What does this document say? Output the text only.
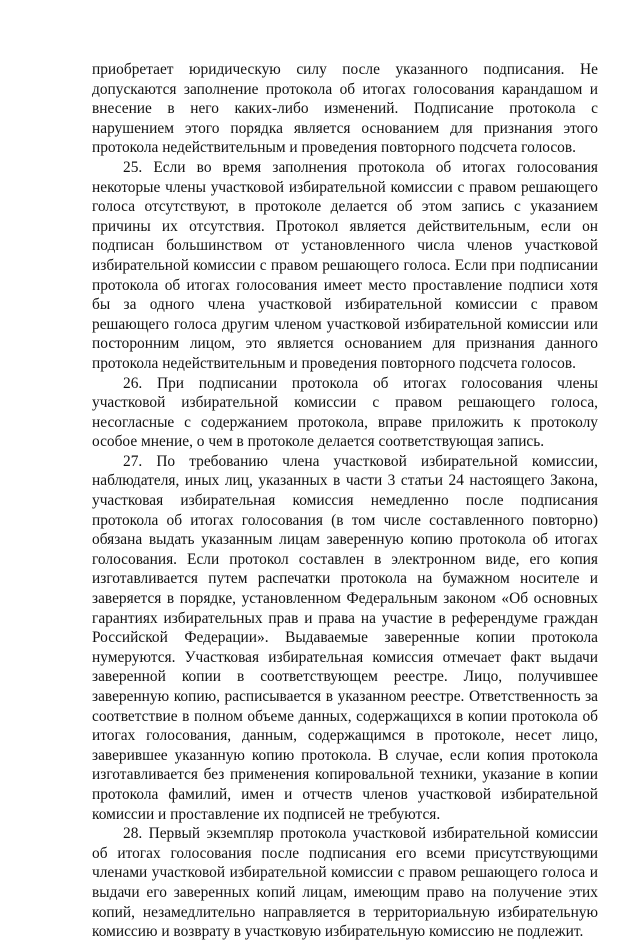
приобретает юридическую силу после указанного подписания. Не допускаются заполнение протокола об итогах голосования карандашом и внесение в него каких-либо изменений. Подписание протокола с нарушением этого порядка является основанием для признания этого протокола недействительным и проведения повторного подсчета голосов.

25. Если во время заполнения протокола об итогах голосования некоторые члены участковой избирательной комиссии с правом решающего голоса отсутствуют, в протоколе делается об этом запись с указанием причины их отсутствия. Протокол является действительным, если он подписан большинством от установленного числа членов участковой избирательной комиссии с правом решающего голоса. Если при подписании протокола об итогах голосования имеет место проставление подписи хотя бы за одного члена участковой избирательной комиссии с правом решающего голоса другим членом участковой избирательной комиссии или посторонним лицом, это является основанием для признания данного протокола недействительным и проведения повторного подсчета голосов.

26. При подписании протокола об итогах голосования члены участковой избирательной комиссии с правом решающего голоса, несогласные с содержанием протокола, вправе приложить к протоколу особое мнение, о чем в протоколе делается соответствующая запись.

27. По требованию члена участковой избирательной комиссии, наблюдателя, иных лиц, указанных в части 3 статьи 24 настоящего Закона, участковая избирательная комиссия немедленно после подписания протокола об итогах голосования (в том числе составленного повторно) обязана выдать указанным лицам заверенную копию протокола об итогах голосования. Если протокол составлен в электронном виде, его копия изготавливается путем распечатки протокола на бумажном носителе и заверяется в порядке, установленном Федеральным законом «Об основных гарантиях избирательных прав и права на участие в референдуме граждан Российской Федерации». Выдаваемые заверенные копии протокола нумеруются. Участковая избирательная комиссия отмечает факт выдачи заверенной копии в соответствующем реестре. Лицо, получившее заверенную копию, расписывается в указанном реестре. Ответственность за соответствие в полном объеме данных, содержащихся в копии протокола об итогах голосования, данным, содержащимся в протоколе, несет лицо, заверившее указанную копию протокола. В случае, если копия протокола изготавливается без применения копировальной техники, указание в копии протокола фамилий, имен и отчеств членов участковой избирательной комиссии и проставление их подписей не требуются.

28. Первый экземпляр протокола участковой избирательной комиссии об итогах голосования после подписания его всеми присутствующими членами участковой избирательной комиссии с правом решающего голоса и выдачи его заверенных копий лицам, имеющим право на получение этих копий, незамедлительно направляется в территориальную избирательную комиссию и возврату в участковую избирательную комиссию не подлежит.
